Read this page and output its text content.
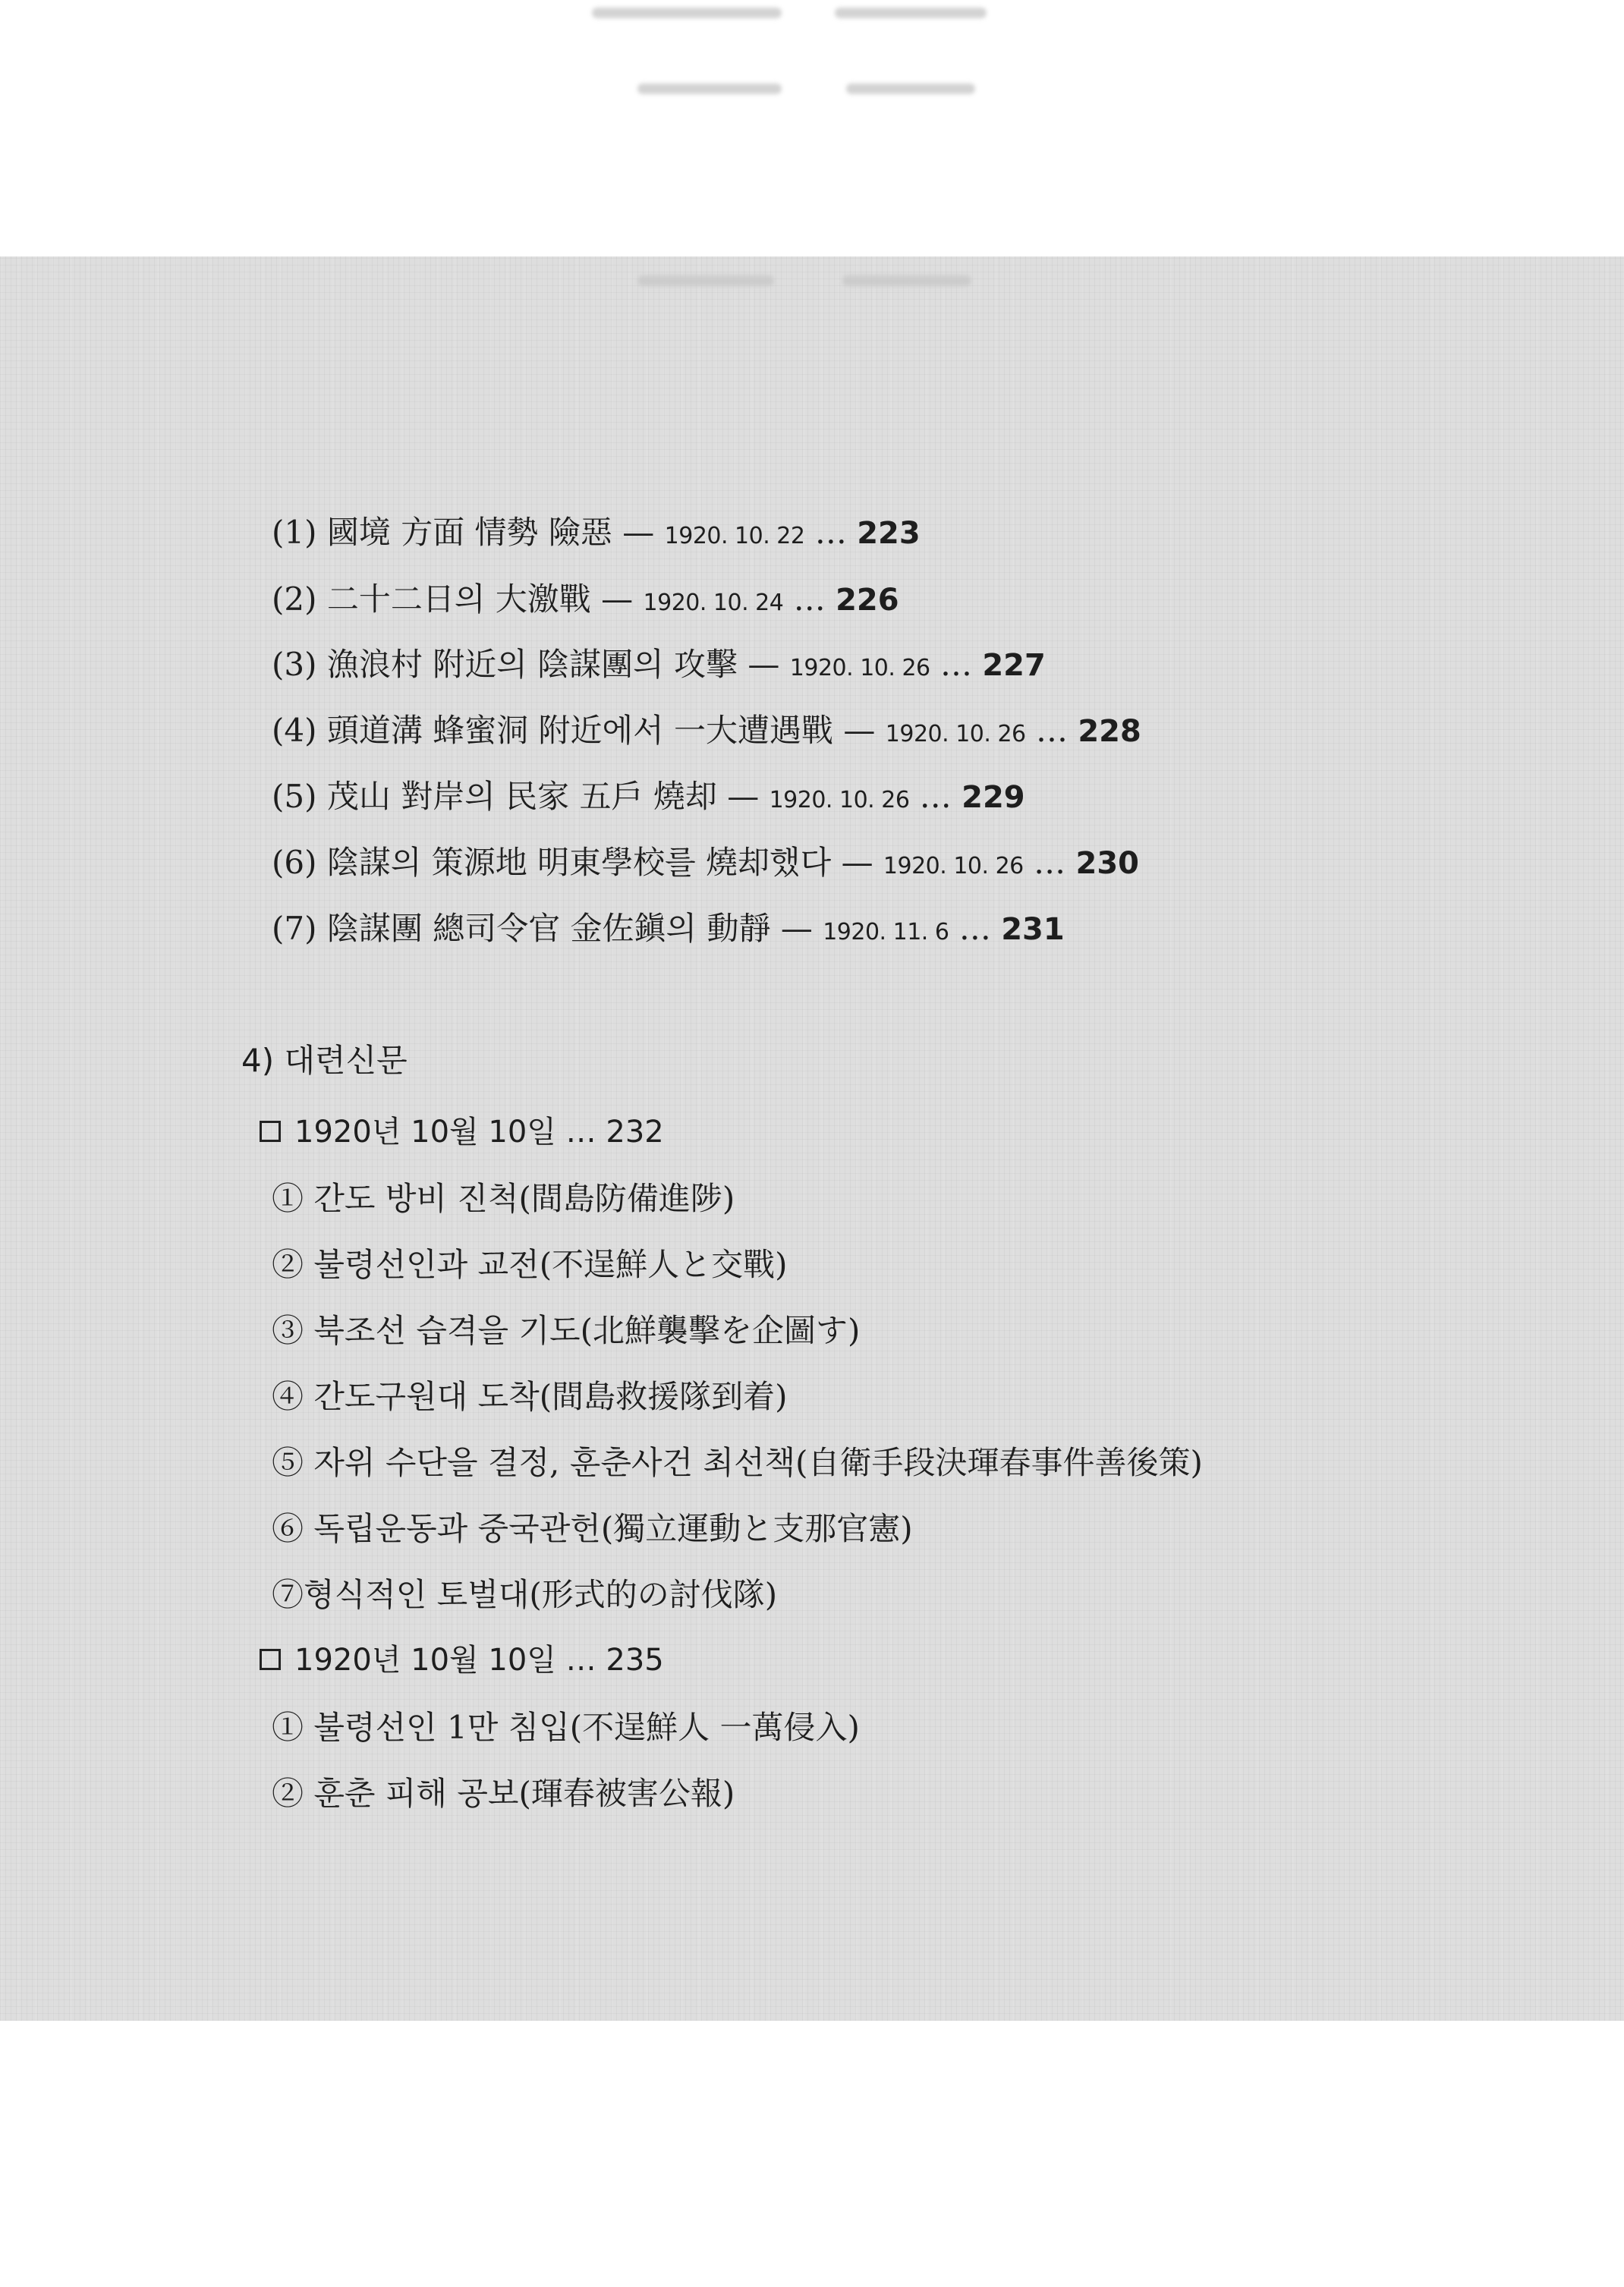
(1) 國境 方面 情勢 險惡 — 1920. 10. 22 … 223
(2) 二十二日의 大激戰 — 1920. 10. 24 … 226
(3) 漁浪村 附近의 陰謀團의 攻擊 — 1920. 10. 26 … 227
(4) 頭道溝 蜂蜜洞 附近에서 一大遭遇戰 — 1920. 10. 26 … 228
(5) 茂山 對岸의 民家 五戶 燒却 — 1920. 10. 26 … 229
(6) 陰謀의 策源地 明東學校를 燒却했다 — 1920. 10. 26 … 230
(7) 陰謀團 總司令官 金佐鎭의 動靜 — 1920. 11. 6 … 231
4) 대련신문
1920년 10월 10일 … 232
① 간도 방비 진척(間島防備進陟)
② 불령선인과 교전(不逞鮮人と交戰)
③ 북조선 습격을 기도(北鮮襲擊を企圖す)
④ 간도구원대 도착(間島救援隊到着)
⑤ 자위 수단을 결정, 훈춘사건 최선책(自衛手段決琿春事件善後策)
⑥ 독립운동과 중국관헌(獨立運動と支那官憲)
⑦형식적인 토벌대(形式的の討伐隊)
1920년 10월 10일 … 235
① 불령선인 1만 침입(不逞鮮人 一萬侵入)
② 훈춘 피해 공보(琿春被害公報)
